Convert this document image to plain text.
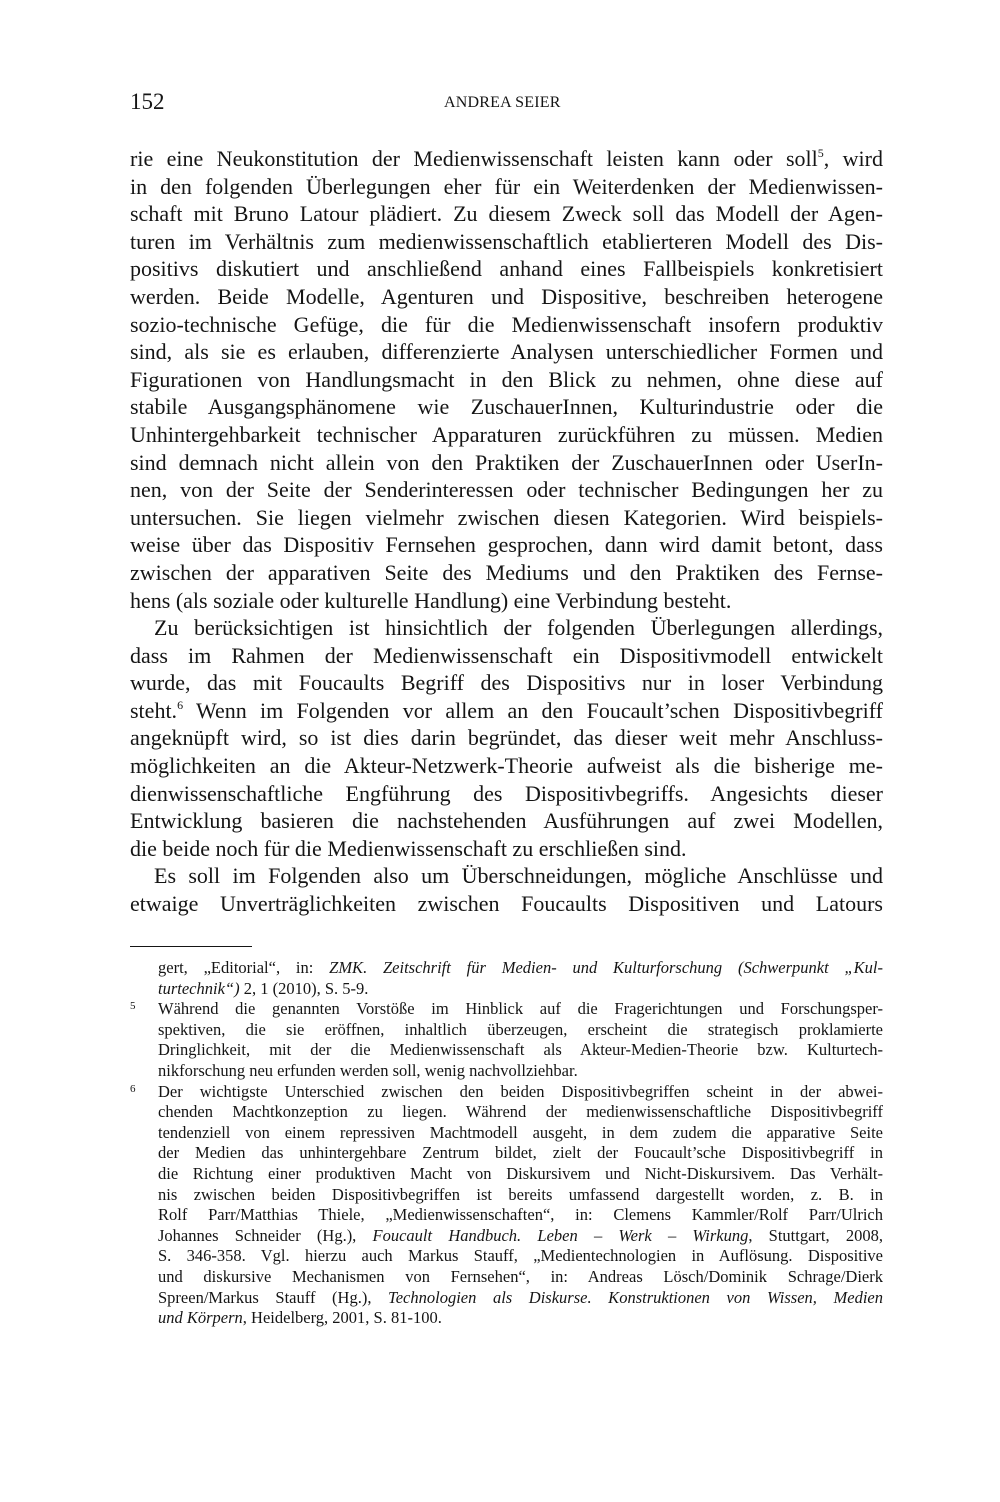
152	ANDREA SEIER
rie eine Neukonstitution der Medienwissenschaft leisten kann oder soll$^5$, wird
in den folgenden Überlegungen eher für ein Weiterdenken der Medienwissen-
schaft mit Bruno Latour plädiert. Zu diesem Zweck soll das Modell der Agen-
turen im Verhältnis zum medienwissenschaftlich etablierteren Modell des Dis-
positivs diskutiert und anschließend anhand eines Fallbeispiels konkretisiert
werden. Beide Modelle, Agenturen und Dispositive, beschreiben heterogene
sozio-technische Gefüge, die für die Medienwissenschaft insofern produktiv
sind, als sie es erlauben, differenzierte Analysen unterschiedlicher Formen und
Figurationen von Handlungsmacht in den Blick zu nehmen, ohne diese auf
stabile Ausgangsphänomene wie ZuschauerInnen, Kulturindustrie oder die
Unhintergehbarkeit technischer Apparaturen zurückführen zu müssen. Medien
sind demnach nicht allein von den Praktiken der ZuschauerInnen oder UserIn-
nen, von der Seite der Senderinteressen oder technischer Bedingungen her zu
untersuchen. Sie liegen vielmehr zwischen diesen Kategorien. Wird beispiels-
weise über das Dispositiv Fernsehen gesprochen, dann wird damit betont, dass
zwischen der apparativen Seite des Mediums und den Praktiken des Fernse-
hens (als soziale oder kulturelle Handlung) eine Verbindung besteht.
Zu berücksichtigen ist hinsichtlich der folgenden Überlegungen allerdings,
dass im Rahmen der Medienwissenschaft ein Dispositivmodell entwickelt
wurde, das mit Foucaults Begriff des Dispositivs nur in loser Verbindung
steht.$^6$ Wenn im Folgenden vor allem an den Foucault’schen Dispositivbegriff
angeknüpft wird, so ist dies darin begründet, das dieser weit mehr Anschluss-
möglichkeiten an die Akteur-Netzwerk-Theorie aufweist als die bisherige me-
dienwissenschaftliche Engführung des Dispositivbegriffs. Angesichts dieser
Entwicklung basieren die nachstehenden Ausführungen auf zwei Modellen,
die beide noch für die Medienwissenschaft zu erschließen sind.
Es soll im Folgenden also um Überschneidungen, mögliche Anschlüsse und
etwaige Unverträglichkeiten zwischen Foucaults Dispositiven und Latours
gert, „Editorial“, in: ZMK. Zeitschrift für Medien- und Kulturforschung (Schwerpunkt „Kul-
turtechnik“) 2, 1 (2010), S. 5-9.
5 Während die genannten Vorstöße im Hinblick auf die Fragerichtungen und Forschungsper-
spektiven, die sie eröffnen, inhaltlich überzeugen, erscheint die strategisch proklamierte
Dringlichkeit, mit der die Medienwissenschaft als Akteur-Medien-Theorie bzw. Kulturtech-
nikforschung neu erfunden werden soll, wenig nachvollziehbar.
6 Der wichtigste Unterschied zwischen den beiden Dispositivbegriffen scheint in der abwei-
chenden Machtkonzeption zu liegen. Während der medienwissenschaftliche Dispositivbegriff
tendenziell von einem repressiven Machtmodell ausgeht, in dem zudem die apparative Seite
der Medien das unhintergehbare Zentrum bildet, zielt der Foucault’sche Dispositivbegriff in
die Richtung einer produktiven Macht von Diskursivem und Nicht-Diskursivem. Das Verhält-
nis zwischen beiden Dispositivbegriffen ist bereits umfassend dargestellt worden, z. B. in
Rolf Parr/Matthias Thiele, „Medienwissenschaften“, in: Clemens Kammler/Rolf Parr/Ulrich
Johannes Schneider (Hg.), Foucault Handbuch. Leben – Werk – Wirkung, Stuttgart, 2008,
S. 346-358. Vgl. hierzu auch Markus Stauff, „Medientechnologien in Auflösung. Dispositive
und diskursive Mechanismen von Fernsehen“, in: Andreas Lösch/Dominik Schrage/Dierk
Spreen/Markus Stauff (Hg.), Technologien als Diskurse. Konstruktionen von Wissen, Medien
und Körpern, Heidelberg, 2001, S. 81-100.
